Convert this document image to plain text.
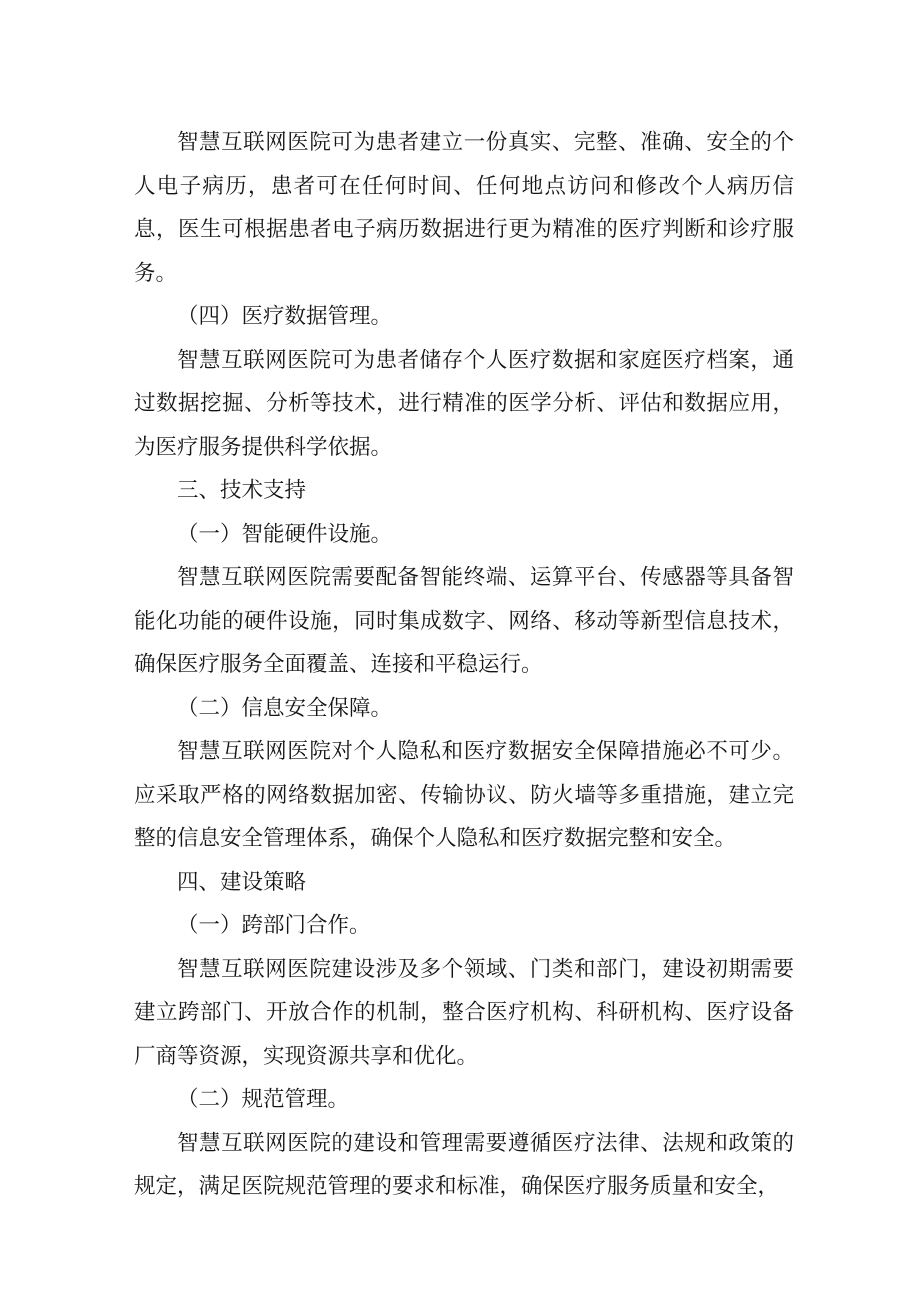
智慧互联网医院可为患者建立一份真实、完整、准确、安全的个人电子病历，患者可在任何时间、任何地点访问和修改个人病历信息，医生可根据患者电子病历数据进行更为精准的医疗判断和诊疗服务。

（四）医疗数据管理。

智慧互联网医院可为患者储存个人医疗数据和家庭医疗档案，通过数据挖掘、分析等技术，进行精准的医学分析、评估和数据应用，为医疗服务提供科学依据。

三、技术支持

（一）智能硬件设施。

智慧互联网医院需要配备智能终端、运算平台、传感器等具备智能化功能的硬件设施，同时集成数字、网络、移动等新型信息技术，确保医疗服务全面覆盖、连接和平稳运行。

（二）信息安全保障。

智慧互联网医院对个人隐私和医疗数据安全保障措施必不可少。应采取严格的网络数据加密、传输协议、防火墙等多重措施，建立完整的信息安全管理体系，确保个人隐私和医疗数据完整和安全。

四、建设策略

（一）跨部门合作。

智慧互联网医院建设涉及多个领域、门类和部门，建设初期需要建立跨部门、开放合作的机制，整合医疗机构、科研机构、医疗设备厂商等资源，实现资源共享和优化。

（二）规范管理。

智慧互联网医院的建设和管理需要遵循医疗法律、法规和政策的规定，满足医院规范管理的要求和标准，确保医疗服务质量和安全，
